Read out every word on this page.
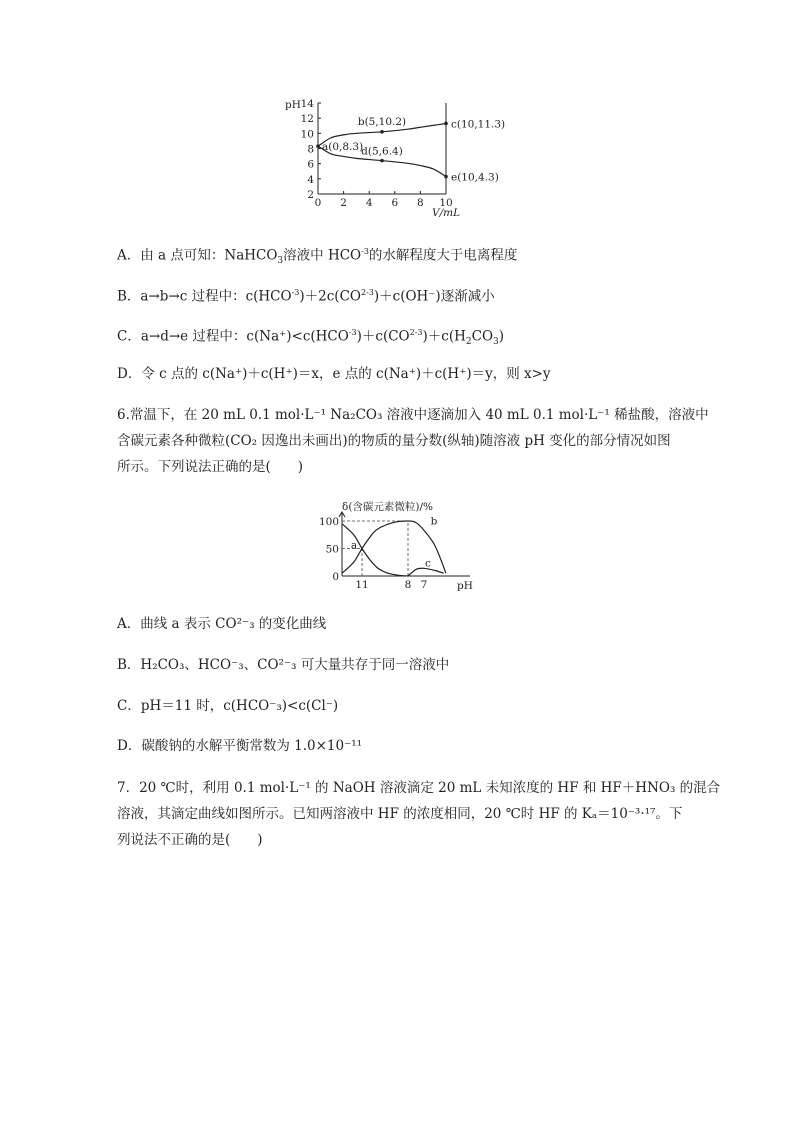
2
4
6
8
10
12
14
0 2 4 6 8 10
a(0,8.3)
b(5,10.2)	c(10,11.3)
d(5,6.4)
e(10,4.3)
pH
V/mL
A．由 a 点可知：NaHCO$_3$溶液中 $HCO^{-3}$的水解程度大于电离程度
B．a→b→c 过程中：$c(HCO^{-3})+2c(CO^{2-3})+c(OH^-)$逐渐减小
C．a→d→e 过程中：$c(Na^+)<c(HCO^{-3})+c(CO^{2-3})+c(H_2CO_3)$
D．令 c 点的 c(Na⁺)＋c(H⁺)＝x，e 点的 c(Na⁺)＋c(H⁺)＝y，则 x>y
6.常温下，在 20 mL 0.1 mol·L⁻¹ Na₂CO₃ 溶液中逐滴加入 40 mL 0.1 mol·L⁻¹ 稀盐酸，溶液中
含碳元素各种微粒(CO₂ 因逸出未画出)的物质的量分数(纵轴)随溶液 pH 变化的部分情况如图
所示。下列说法正确的是(　　)
0
50
100
11	8 7
a
b
c
δ(含碳元素微粒)/%
pH
A．曲线 a 表示 CO²⁻₃ 的变化曲线
B．H₂CO₃、HCO⁻₃、CO²⁻₃ 可大量共存于同一溶液中
C．pH＝11 时，c(HCO⁻₃)<c(Cl⁻)
D．碳酸钠的水解平衡常数为 1.0×10⁻¹¹
7．20 ℃时，利用 0.1 mol·L⁻¹ 的 NaOH 溶液滴定 20 mL 未知浓度的 HF 和 HF＋HNO₃ 的混合
溶液，其滴定曲线如图所示。已知两溶液中 HF 的浓度相同，20 ℃时 HF 的 Kₐ＝10⁻³·¹⁷。下
列说法不正确的是(　　)
